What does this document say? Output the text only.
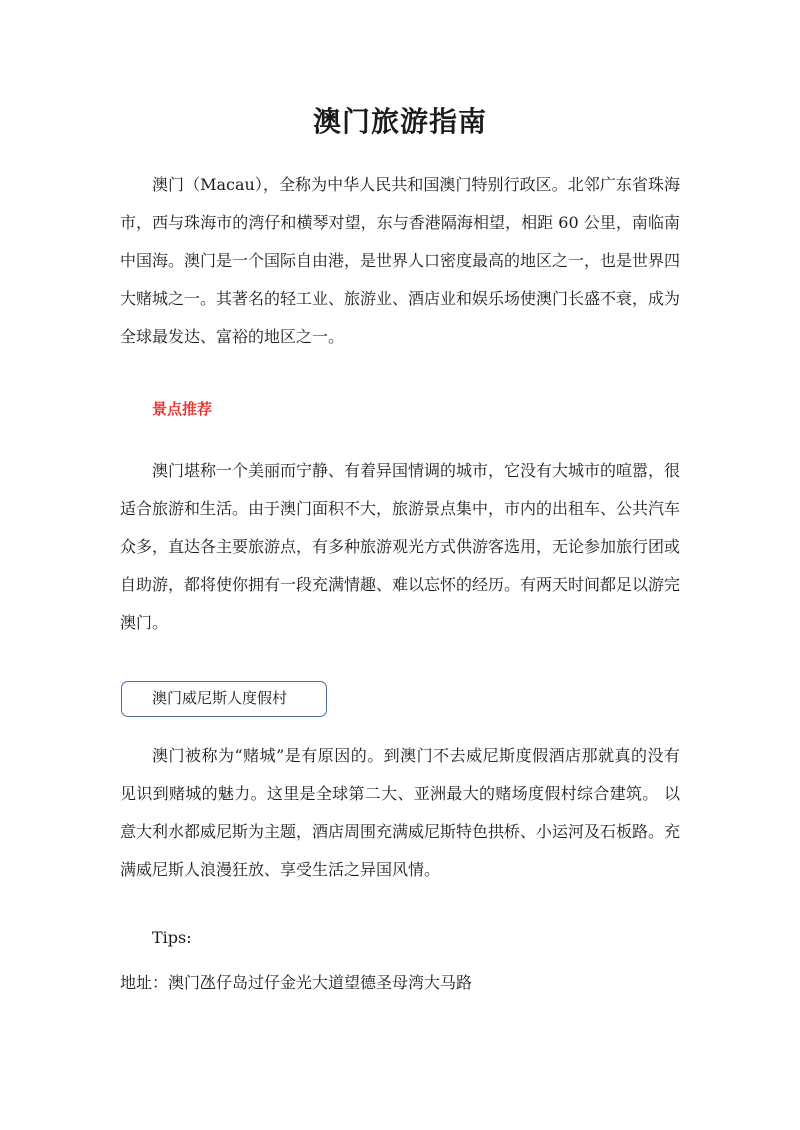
澳门旅游指南

澳门（Macau），全称为中华人民共和国澳门特别行政区。北邻广东省珠海市，西与珠海市的湾仔和横琴对望，东与香港隔海相望，相距 60 公里，南临南中国海。澳门是一个国际自由港，是世界人口密度最高的地区之一，也是世界四大赌城之一。其著名的轻工业、旅游业、酒店业和娱乐场使澳门长盛不衰，成为全球最发达、富裕的地区之一。

景点推荐

澳门堪称一个美丽而宁静、有着异国情调的城市，它没有大城市的喧嚣，很适合旅游和生活。由于澳门面积不大，旅游景点集中，市内的出租车、公共汽车众多，直达各主要旅游点，有多种旅游观光方式供游客选用，无论参加旅行团或自助游，都将使你拥有一段充满情趣、难以忘怀的经历。有两天时间都足以游完澳门。

澳门威尼斯人度假村

澳门被称为“赌城”是有原因的。到澳门不去威尼斯度假酒店那就真的没有见识到赌城的魅力。这里是全球第二大、亚洲最大的赌场度假村综合建筑。 以意大利水都威尼斯为主题，酒店周围充满威尼斯特色拱桥、小运河及石板路。充满威尼斯人浪漫狂放、享受生活之异国风情。

Tips:
地址：澳门氹仔岛过仔金光大道望德圣母湾大马路
